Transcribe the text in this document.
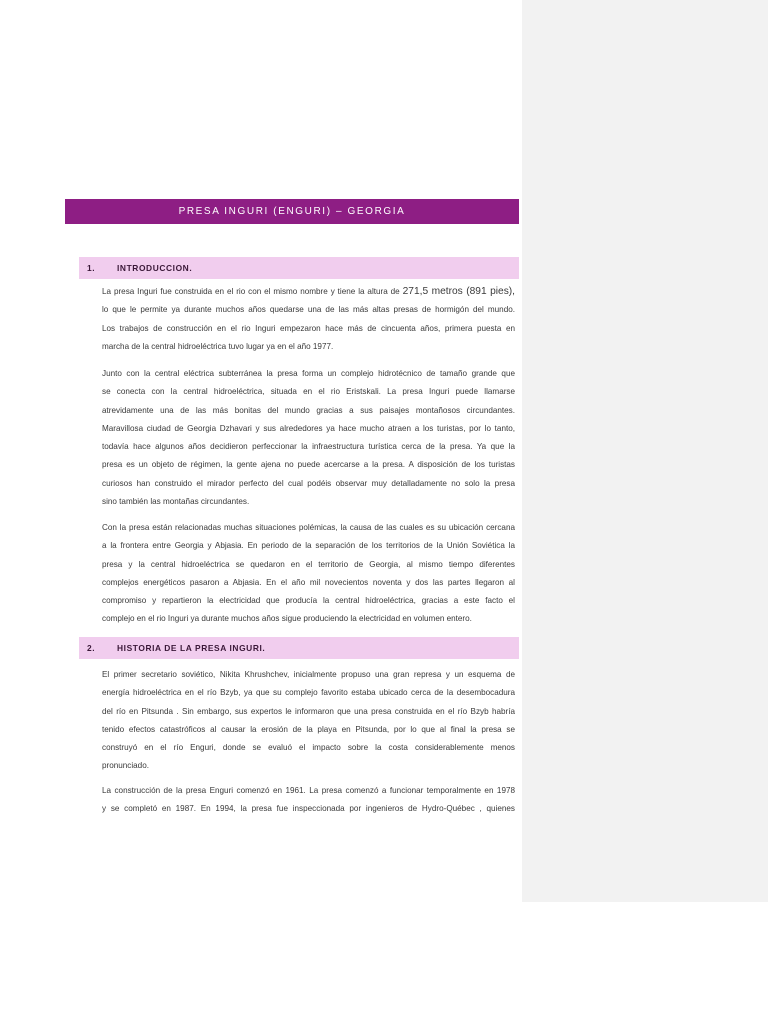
PRESA INGURI (ENGURI) – GEORGIA
1.	INTRODUCCION.
La presa Inguri fue construida en el rio con el mismo nombre y tiene la altura de 271,5 metros (891 pies),
lo que le permite ya durante muchos años quedarse una de las más altas presas de hormigón del mundo.
Los trabajos de construcción en el rio Inguri empezaron hace más de cincuenta años, primera puesta en
marcha de la central hidroeléctrica tuvo lugar ya en el año 1977.
Junto con la central eléctrica subterránea la presa forma un complejo hidrotécnico de tamaño grande que
se conecta con la central hidroeléctrica, situada en el rio Eristskali. La presa Inguri puede llamarse
atrevidamente una de las más bonitas del mundo gracias a sus paisajes montañosos circundantes.
Maravillosa ciudad de Georgia Dzhavari y sus alrededores ya hace mucho atraen a los turistas, por lo tanto,
todavía hace algunos años decidieron perfeccionar la infraestructura turística cerca de la presa. Ya que la
presa es un objeto de régimen, la gente ajena no puede acercarse a la presa. A disposición de los turistas
curiosos han construido el mirador perfecto del cual podéis observar muy detalladamente no solo la presa
sino también las montañas circundantes.
Con la presa están relacionadas muchas situaciones polémicas, la causa de las cuales es su ubicación cercana
a la frontera entre Georgia y Abjasia. En periodo de la separación de los territorios de la Unión Soviética la
presa y la central hidroeléctrica se quedaron en el territorio de Georgia, al mismo tiempo diferentes
complejos energéticos pasaron a Abjasia. En el año mil novecientos noventa y dos las partes llegaron al
compromiso y repartieron la electricidad que producía la central hidroeléctrica, gracias a este facto el
complejo en el rio Inguri ya durante muchos años sigue produciendo la electricidad en volumen entero.
2.	HISTORIA DE LA PRESA INGURI.
El primer secretario soviético, Nikita Khrushchev, inicialmente propuso una gran represa y un esquema de
energía hidroeléctrica en el río Bzyb, ya que su complejo favorito estaba ubicado cerca de la desembocadura
del río en Pitsunda . Sin embargo, sus expertos le informaron que una presa construida en el río Bzyb habría
tenido efectos catastróficos al causar la erosión de la playa en Pitsunda, por lo que al final la presa se
construyó en el río Enguri, donde se evaluó el impacto sobre la costa considerablemente menos
pronunciado.
La construcción de la presa Enguri comenzó en 1961. La presa comenzó a funcionar temporalmente en 1978
y se completó en 1987. En 1994, la presa fue inspeccionada por ingenieros de Hydro-Québec , quienes
